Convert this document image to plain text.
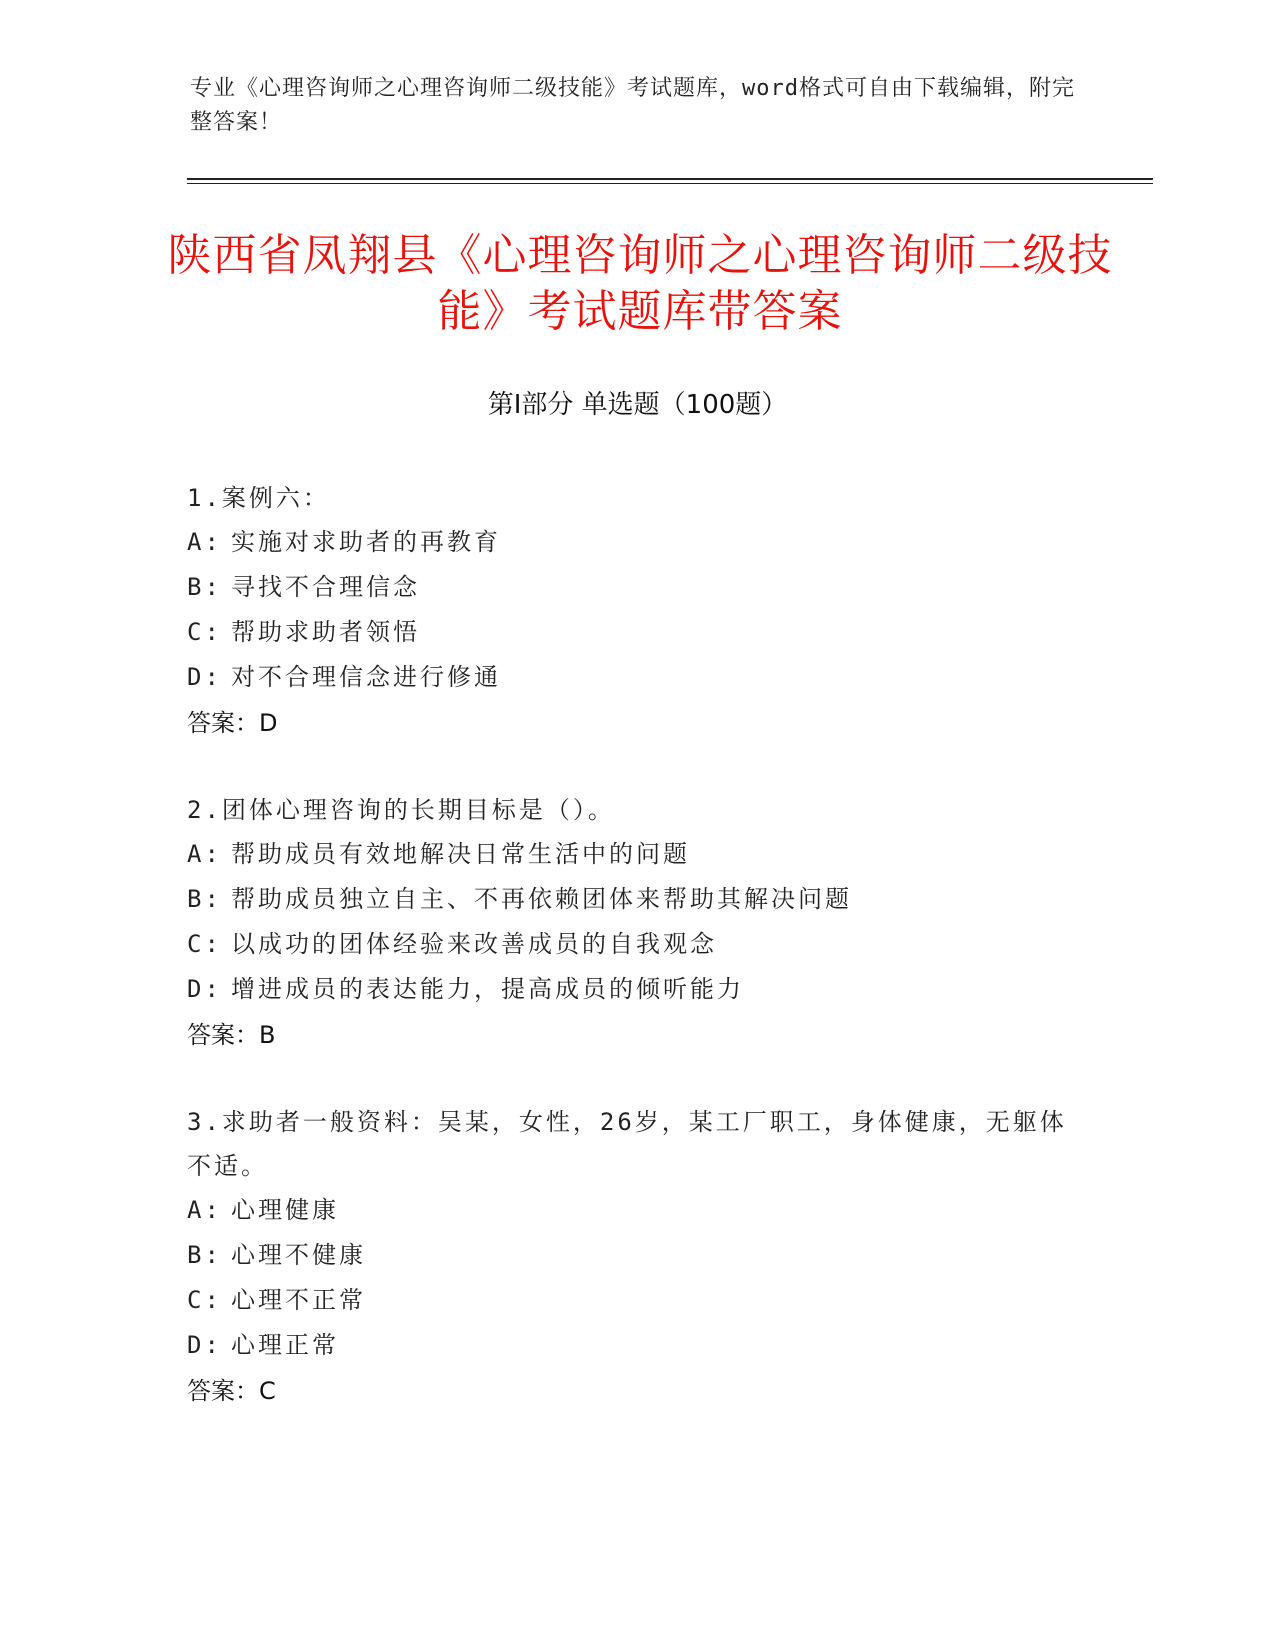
专业《心理咨询师之心理咨询师二级技能》考试题库，word格式可自由下载编辑，附完整答案！
陕西省凤翔县《心理咨询师之心理咨询师二级技能》考试题库带答案
第Ⅰ部分 单选题（100题）
1.案例六：
A: 实施对求助者的再教育
B: 寻找不合理信念
C: 帮助求助者领悟
D: 对不合理信念进行修通
答案：D
2.团体心理咨询的长期目标是（）。
A: 帮助成员有效地解决日常生活中的问题
B: 帮助成员独立自主、不再依赖团体来帮助其解决问题
C: 以成功的团体经验来改善成员的自我观念
D: 增进成员的表达能力，提高成员的倾听能力
答案：B
3.求助者一般资料：吴某，女性，26岁，某工厂职工，身体健康，无躯体不适。
A: 心理健康
B: 心理不健康
C: 心理不正常
D: 心理正常
答案：C
